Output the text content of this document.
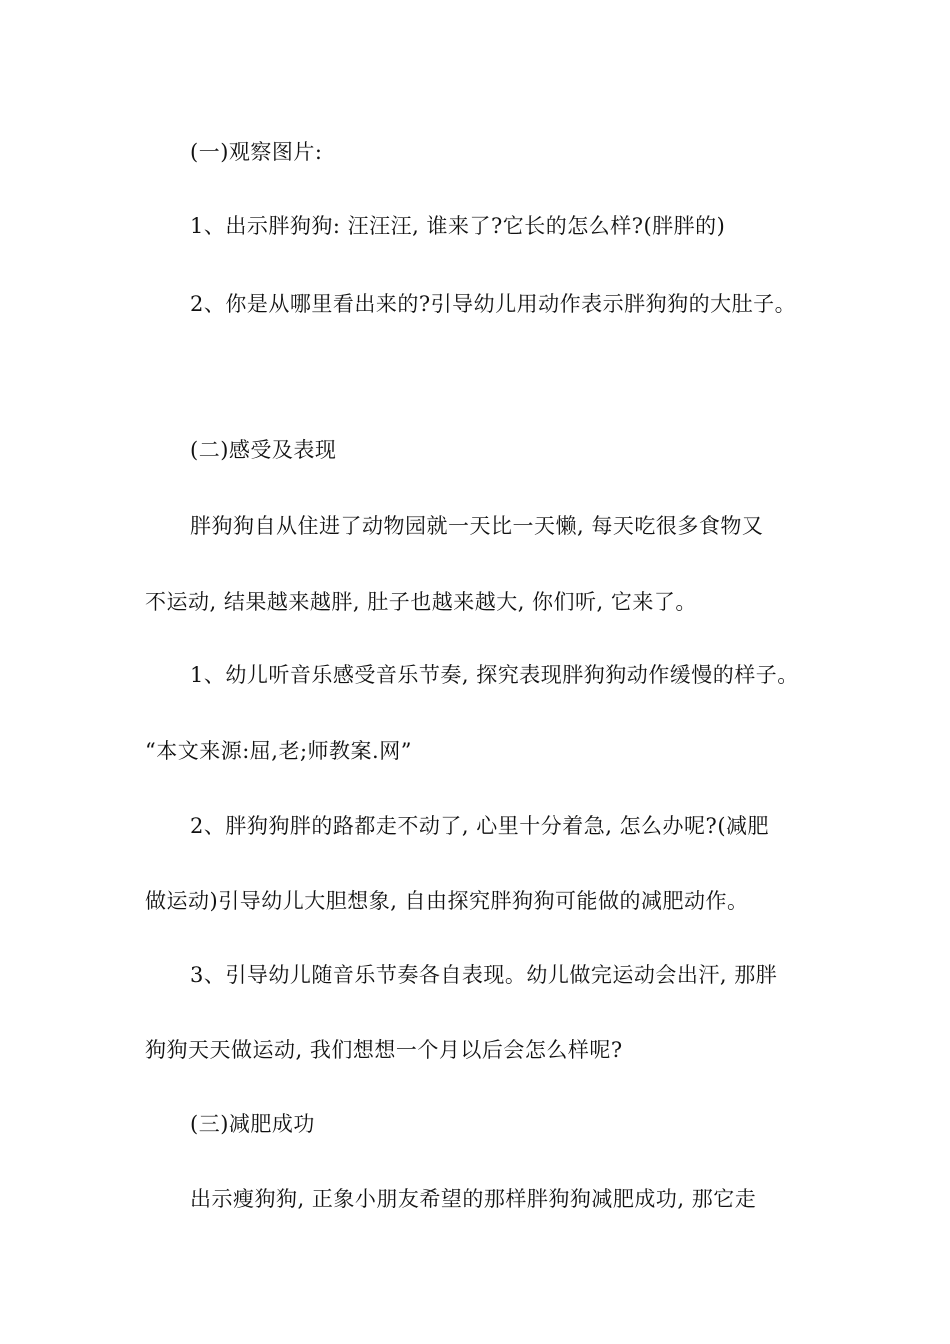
(一)观察图片:
1、出示胖狗狗: 汪汪汪, 谁来了?它长的怎么样?(胖胖的)
2、你是从哪里看出来的?引导幼儿用动作表示胖狗狗的大肚子。
(二)感受及表现
胖狗狗自从住进了动物园就一天比一天懒, 每天吃很多食物又
不运动, 结果越来越胖, 肚子也越来越大, 你们听, 它来了。
1、幼儿听音乐感受音乐节奏, 探究表现胖狗狗动作缓慢的样子。
“本文来源:屈,老;师教案.网”
2、胖狗狗胖的路都走不动了, 心里十分着急, 怎么办呢?(减肥
做运动)引导幼儿大胆想象, 自由探究胖狗狗可能做的减肥动作。
3、引导幼儿随音乐节奏各自表现。幼儿做完运动会出汗, 那胖
狗狗天天做运动, 我们想想一个月以后会怎么样呢?
(三)减肥成功
出示瘦狗狗, 正象小朋友希望的那样胖狗狗减肥成功, 那它走
